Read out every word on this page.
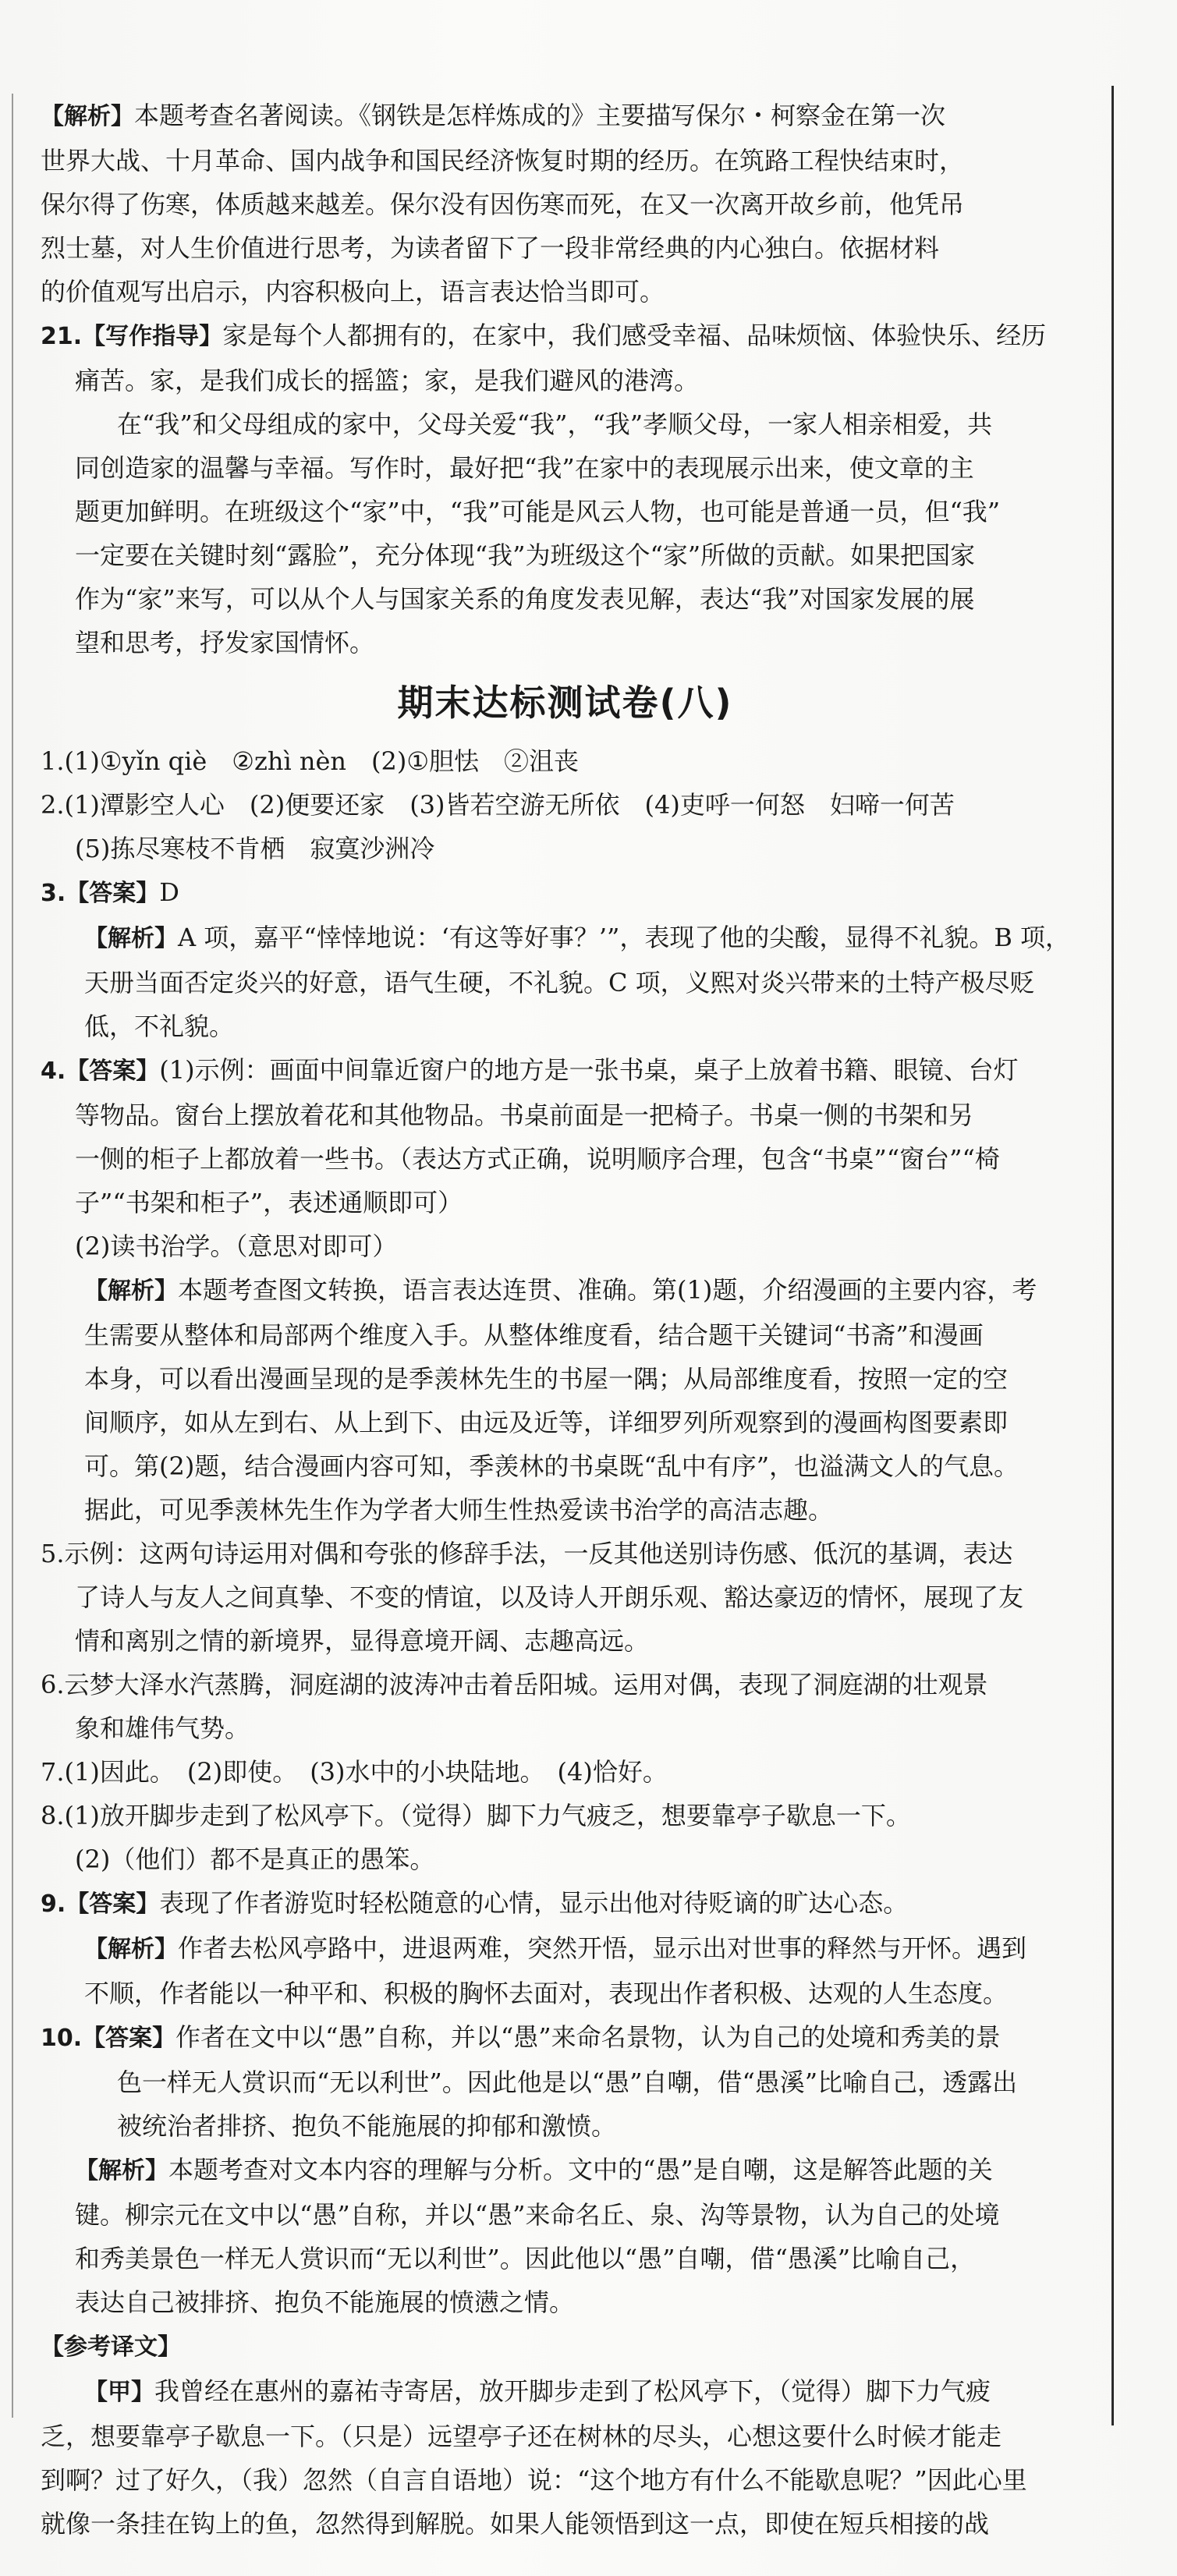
【解析】本题考查名著阅读。《钢铁是怎样炼成的》主要描写保尔・柯察金在第一次
世界大战、十月革命、国内战争和国民经济恢复时期的经历。在筑路工程快结束时，
保尔得了伤寒，体质越来越差。保尔没有因伤寒而死，在又一次离开故乡前，他凭吊
烈士墓，对人生价值进行思考，为读者留下了一段非常经典的内心独白。依据材料
的价值观写出启示，内容积极向上，语言表达恰当即可。
21.【写作指导】家是每个人都拥有的，在家中，我们感受幸福、品味烦恼、体验快乐、经历
痛苦。家，是我们成长的摇篮；家，是我们避风的港湾。
在“我”和父母组成的家中，父母关爱“我”，“我”孝顺父母，一家人相亲相爱，共
同创造家的温馨与幸福。写作时，最好把“我”在家中的表现展示出来，使文章的主
题更加鲜明。在班级这个“家”中，“我”可能是风云人物，也可能是普通一员，但“我”
一定要在关键时刻“露脸”，充分体现“我”为班级这个“家”所做的贡献。如果把国家
作为“家”来写，可以从个人与国家关系的角度发表见解，表达“我”对国家发展的展
望和思考，抒发家国情怀。
期末达标测试卷(八)
1.(1)①yǐn qiè　②zhì nèn　(2)①胆怯　②沮丧
2.(1)潭影空人心　(2)便要还家　(3)皆若空游无所依　(4)吏呼一何怒　妇啼一何苦
(5)拣尽寒枝不肯栖　寂寞沙洲冷
3.【答案】D
【解析】A 项，嘉平“悻悻地说：‘有这等好事？’”，表现了他的尖酸，显得不礼貌。B 项，
天册当面否定炎兴的好意，语气生硬，不礼貌。C 项，义熙对炎兴带来的土特产极尽贬
低，不礼貌。
4.【答案】(1)示例：画面中间靠近窗户的地方是一张书桌，桌子上放着书籍、眼镜、台灯
等物品。窗台上摆放着花和其他物品。书桌前面是一把椅子。书桌一侧的书架和另
一侧的柜子上都放着一些书。（表达方式正确，说明顺序合理，包含“书桌”“窗台”“椅
子”“书架和柜子”，表述通顺即可）
(2)读书治学。（意思对即可）
【解析】本题考查图文转换，语言表达连贯、准确。第(1)题，介绍漫画的主要内容，考
生需要从整体和局部两个维度入手。从整体维度看，结合题干关键词“书斋”和漫画
本身，可以看出漫画呈现的是季羡林先生的书屋一隅；从局部维度看，按照一定的空
间顺序，如从左到右、从上到下、由远及近等，详细罗列所观察到的漫画构图要素即
可。第(2)题，结合漫画内容可知，季羡林的书桌既“乱中有序”，也溢满文人的气息。
据此，可见季羡林先生作为学者大师生性热爱读书治学的高洁志趣。
5.示例：这两句诗运用对偶和夸张的修辞手法，一反其他送别诗伤感、低沉的基调，表达
了诗人与友人之间真挚、不变的情谊，以及诗人开朗乐观、豁达豪迈的情怀，展现了友
情和离别之情的新境界，显得意境开阔、志趣高远。
6.云梦大泽水汽蒸腾，洞庭湖的波涛冲击着岳阳城。运用对偶，表现了洞庭湖的壮观景
象和雄伟气势。
7.(1)因此。　(2)即使。　(3)水中的小块陆地。　(4)恰好。
8.(1)放开脚步走到了松风亭下。（觉得）脚下力气疲乏，想要靠亭子歇息一下。
(2)（他们）都不是真正的愚笨。
9.【答案】表现了作者游览时轻松随意的心情，显示出他对待贬谪的旷达心态。
【解析】作者去松风亭路中，进退两难，突然开悟，显示出对世事的释然与开怀。遇到
不顺，作者能以一种平和、积极的胸怀去面对，表现出作者积极、达观的人生态度。
10.【答案】作者在文中以“愚”自称，并以“愚”来命名景物，认为自己的处境和秀美的景
色一样无人赏识而“无以利世”。因此他是以“愚”自嘲，借“愚溪”比喻自己，透露出
被统治者排挤、抱负不能施展的抑郁和激愤。
【解析】本题考查对文本内容的理解与分析。文中的“愚”是自嘲，这是解答此题的关
键。柳宗元在文中以“愚”自称，并以“愚”来命名丘、泉、沟等景物，认为自己的处境
和秀美景色一样无人赏识而“无以利世”。因此他以“愚”自嘲，借“愚溪”比喻自己，
表达自己被排挤、抱负不能施展的愤懑之情。
【参考译文】
【甲】我曾经在惠州的嘉祐寺寄居，放开脚步走到了松风亭下，（觉得）脚下力气疲
乏，想要靠亭子歇息一下。（只是）远望亭子还在树林的尽头，心想这要什么时候才能走
到啊？过了好久，（我）忽然（自言自语地）说：“这个地方有什么不能歇息呢？”因此心里
就像一条挂在钩上的鱼，忽然得到解脱。如果人能领悟到这一点，即使在短兵相接的战
